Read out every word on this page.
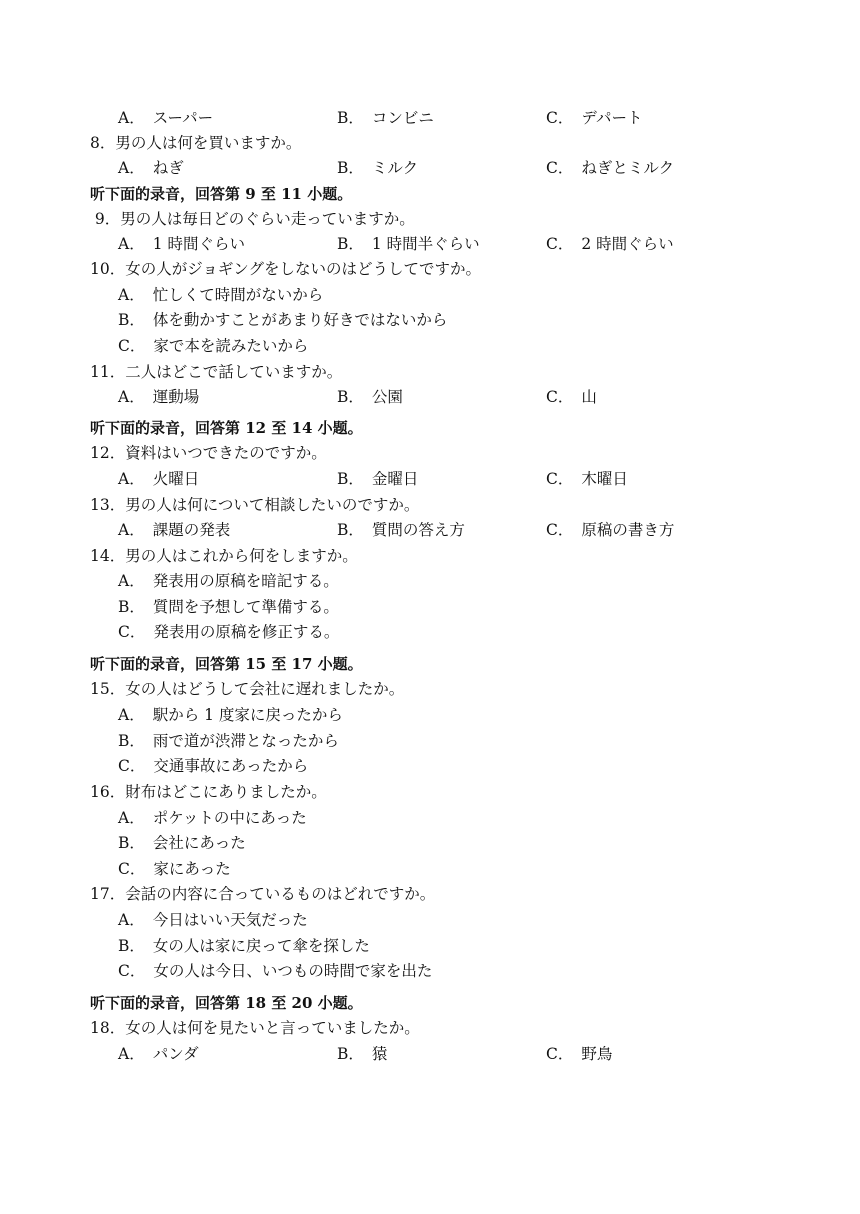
A． スーパー	B． コンビニ	C． デパート
8．男の人は何を買いますか。
A． ねぎ	B． ミルク	C． ねぎとミルク
听下面的录音，回答第 9 至 11 小题。
9．男の人は毎日どのぐらい走っていますか。
A． 1 時間ぐらい	B． 1 時間半ぐらい	C． 2 時間ぐらい
10．女の人がジョギングをしないのはどうしてですか。
A． 忙しくて時間がないから
B． 体を動かすことがあまり好きではないから
C． 家で本を読みたいから
11．二人はどこで話していますか。
A． 運動場	B． 公園	C． 山
听下面的录音，回答第 12 至 14 小题。
12．資料はいつできたのですか。
A． 火曜日	B． 金曜日	C． 木曜日
13．男の人は何について相談したいのですか。
A． 課題の発表	B． 質問の答え方	C． 原稿の書き方
14．男の人はこれから何をしますか。
A． 発表用の原稿を暗記する。
B． 質問を予想して準備する。
C． 発表用の原稿を修正する。
听下面的录音，回答第 15 至 17 小题。
15．女の人はどうして会社に遅れましたか。
A． 駅から 1 度家に戻ったから
B． 雨で道が渋滞となったから
C． 交通事故にあったから
16．財布はどこにありましたか。
A． ポケットの中にあった
B． 会社にあった
C． 家にあった
17．会話の内容に合っているものはどれですか。
A． 今日はいい天気だった
B． 女の人は家に戻って傘を探した
C． 女の人は今日、いつもの時間で家を出た
听下面的录音，回答第 18 至 20 小题。
18．女の人は何を見たいと言っていましたか。
A． パンダ	B． 猿	C． 野鳥
